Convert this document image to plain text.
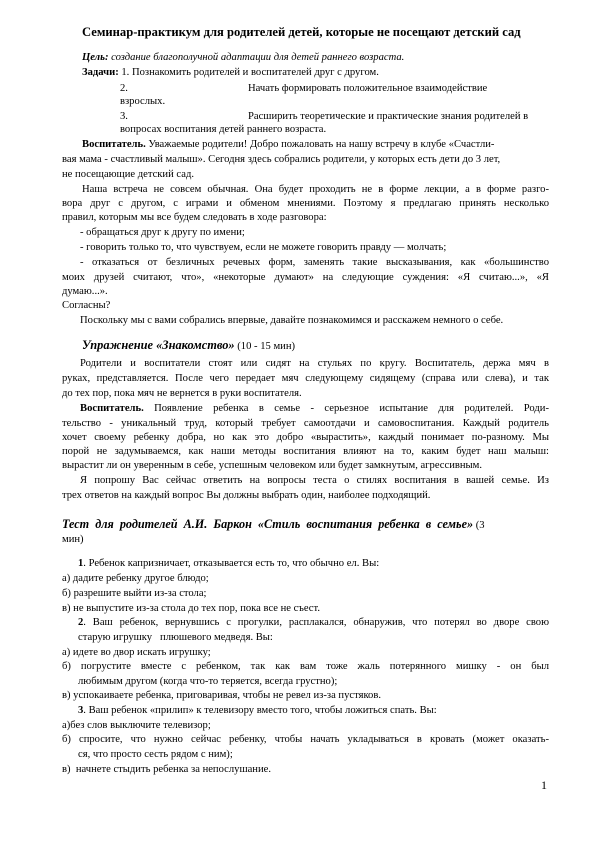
Семинар-практикум для родителей детей, которые не посещают детский сад
Цель: создание благополучной адаптации для детей раннего возраста.
Задачи: 1. Познакомить родителей и воспитателей друг с другом.
2.	Начать формировать положительное взаимодействие
взрослых.
3.	Расширить теоретические и практические знания родителей в
вопросах воспитания детей раннего возраста.
Воспитатель. Уважаемые родители! Добро пожаловать на нашу встречу в клубе «Счастли-
вая мама - счастливый малыш». Сегодня здесь собрались родители, у которых есть дети до 3 лет,
не посещающие детский сад.
Наша встреча не совсем обычная. Она будет проходить не в форме лекции, а в форме разго-
вора друг с другом, с играми и обменом мнениями. Поэтому я предлагаю принять несколько
правил, которым мы все будем следовать в ходе разговора:
- обращаться друг к другу по имени;
- говорить только то, что чувствуем, если не можете говорить правду — молчать;
- отказаться от безличных речевых форм, заменять такие высказывания, как «большинство
моих друзей считают, что», «некоторые думают» на следующие суждения: «Я считаю...», «Я
думаю...».
Согласны?
Поскольку мы с вами собрались впервые, давайте познакомимся и расскажем немного о себе.
Упражнение «Знакомство» (10 - 15 мин)
Родители и воспитатели стоят или сидят на стульях по кругу. Воспитатель, держа мяч в
руках, представляется. После чего передает мяч следующему сидящему (справа или слева), и так
до тех пор, пока мяч не вернется в руки воспитателя.
Воспитатель. Появление ребенка в семье - серьезное испытание для родителей. Роди-
тельство - уникальный труд, который требует самоотдачи и самовоспитания. Каждый родитель
хочет своему ребенку добра, но как это добро «вырастить», каждый понимает по-разному. Мы
порой не задумываемся, как наши методы воспитания влияют на то, каким будет наш малыш:
вырастит ли он уверенным в себе, успешным человеком или будет замкнутым, агрессивным.
Я попрошу Вас сейчас ответить на вопросы теста о стилях воспитания в вашей семье. Из
трех ответов на каждый вопрос Вы должны выбрать один, наиболее подходящий.
Тест для родителей А.И. Баркон «Стиль воспитания ребенка в семье» (3
мин)
1. Ребенок капризничает, отказывается есть то, что обычно ел. Вы:
а) дадите ребенку другое блюдо;
б) разрешите выйти из-за стола;
в) не выпустите из-за стола до тех пор, пока все не съест.
2. Ваш ребенок, вернувшись с прогулки, расплакался, обнаружив, что потерял во дворе свою
старую игрушку   плюшевого медведя. Вы:
а) идете во двор искать игрушку;
б) погрустите вместе с ребенком, так как вам тоже жаль потерянного мишку - он был
любимым другом (когда что-то теряется, всегда грустно);
в) успокаиваете ребенка, приговаривая, чтобы не ревел из-за пустяков.
3. Ваш ребенок «прилип» к телевизору вместо того, чтобы ложиться спать. Вы:
а)без слов выключите телевизор;
б) спросите, что нужно сейчас ребенку, чтобы начать укладываться в кровать (может оказать-
ся, что просто сесть рядом с ним);
в)  начнете стыдить ребенка за непослушание.
1
